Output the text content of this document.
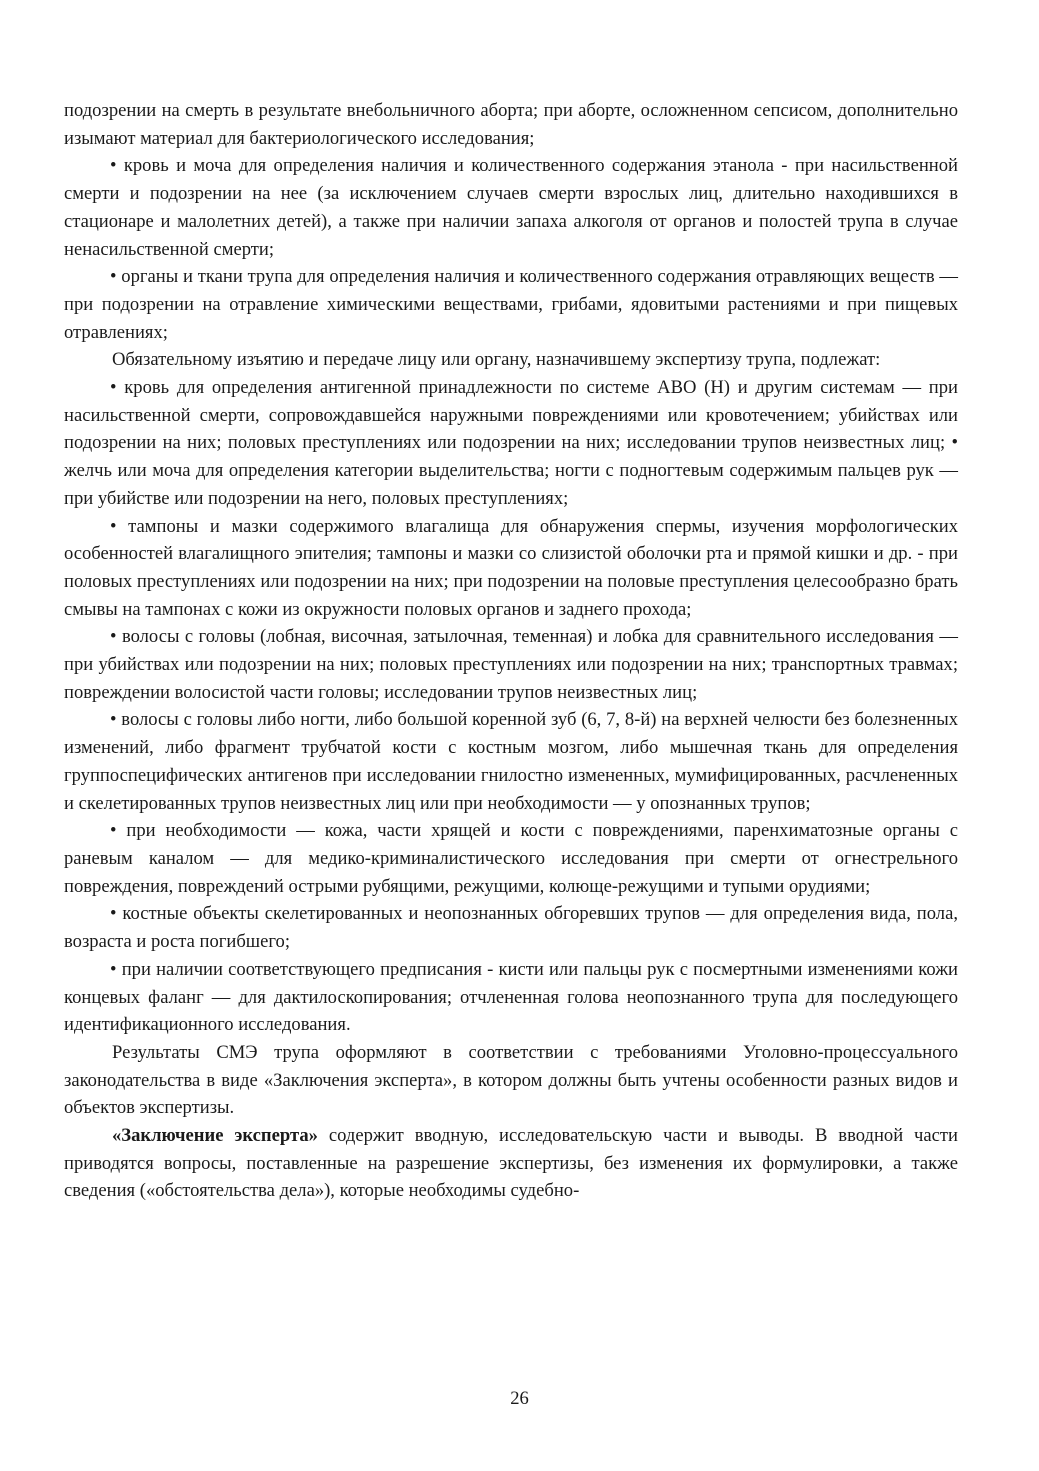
подозрении на смерть в результате внебольничного аборта; при аборте, осложненном сепсисом, дополнительно изымают материал для бактериологического исследования;

• кровь и моча для определения наличия и количественного содержания этанола - при насильственной смерти и подозрении на нее (за исключением случаев смерти взрослых лиц, длительно находившихся в стационаре и малолетних детей), а также при наличии запаха алкоголя от органов и полостей трупа в случае ненасильственной смерти;

• органы и ткани трупа для определения наличия и количественного содержания отравляющих веществ — при подозрении на отравление химическими веществами, грибами, ядовитыми растениями и при пищевых отравлениях;

Обязательному изъятию и передаче лицу или органу, назначившему экспертизу трупа, подлежат:

• кровь для определения антигенной принадлежности по системе АВО (Н) и другим системам — при насильственной смерти, сопровождавшейся наружными повреждениями или кровотечением; убийствах или подозрении на них; половых преступлениях или подозрении на них; исследовании трупов неизвестных лиц; • желчь или моча для определения категории выделительства; ногти с подногтевым содержимым пальцев рук — при убийстве или подозрении на него, половых преступлениях;

• тампоны и мазки содержимого влагалища для обнаружения спермы, изучения морфологических особенностей влагалищного эпителия; тампоны и мазки со слизистой оболочки рта и прямой кишки и др. - при половых преступлениях или подозрении на них; при подозрении на половые преступления целесообразно брать смывы на тампонах с кожи из окружности половых органов и заднего прохода;

• волосы с головы (лобная, височная, затылочная, теменная) и лобка для сравнительного исследования — при убийствах или подозрении на них; половых преступлениях или подозрении на них; транспортных травмах; повреждении волосистой части головы; исследовании трупов неизвестных лиц;

• волосы с головы либо ногти, либо большой коренной зуб (6, 7, 8-й) на верхней челюсти без болезненных изменений, либо фрагмент трубчатой кости с костным мозгом, либо мышечная ткань для определения группоспецифических антигенов при исследовании гнилостно измененных, мумифицированных, расчлененных и скелетированных трупов неизвестных лиц или при необходимости — у опознанных трупов;

• при необходимости — кожа, части хрящей и кости с повреждениями, паренхиматозные органы с раневым каналом — для медико-криминалистического исследования при смерти от огнестрельного повреждения, повреждений острыми рубящими, режущими, колюще-режущими и тупыми орудиями;

• костные объекты скелетированных и неопознанных обгоревших трупов — для определения вида, пола, возраста и роста погибшего;

• при наличии соответствующего предписания - кисти или пальцы рук с посмертными изменениями кожи концевых фаланг — для дактилоскопирования; отчлененная голова неопознанного трупа для последующего идентификационного исследования.

Результаты СМЭ трупа оформляют в соответствии с требованиями Уголовно-процессуального законодательства в виде «Заключения эксперта», в котором должны быть учтены особенности разных видов и объектов экспертизы.

«Заключение эксперта» содержит вводную, исследовательскую части и выводы. В вводной части приводятся вопросы, поставленные на разрешение экспертизы, без изменения их формулировки, а также сведения («обстоятельства дела»), которые необходимы судебно-

26
